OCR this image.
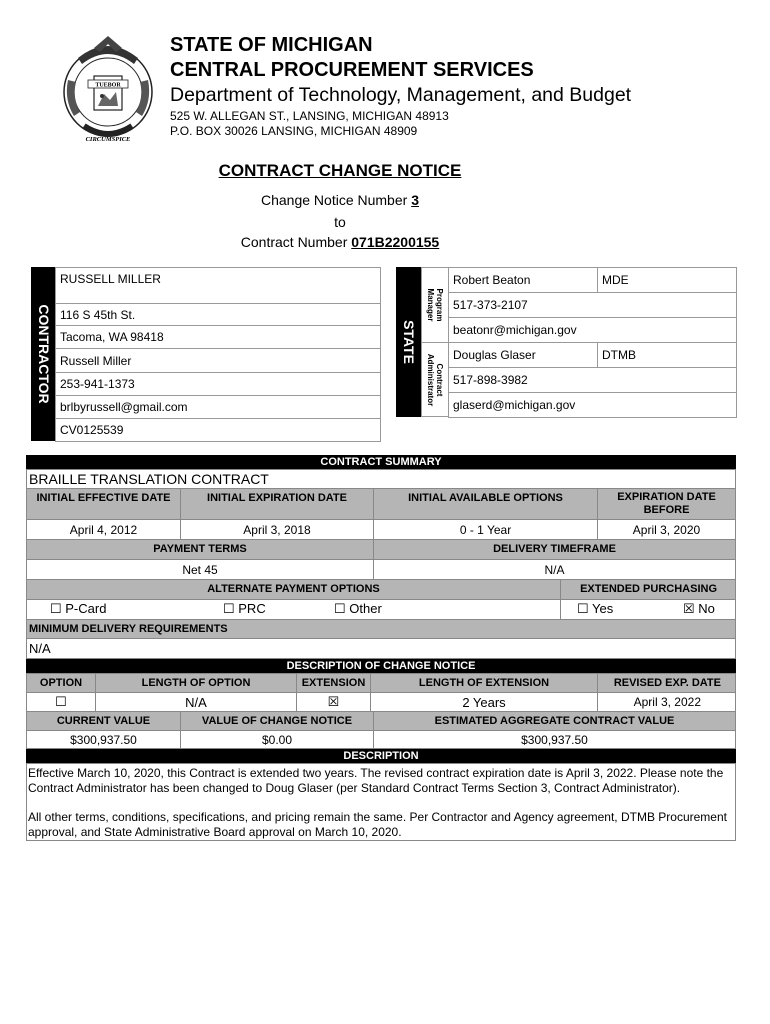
TUEBOR
CIRCUMSPICE
STATE OF MICHIGAN
CENTRAL PROCUREMENT SERVICES
Department of Technology, Management, and Budget
525 W. ALLEGAN ST., LANSING, MICHIGAN 48913
P.O. BOX 30026 LANSING, MICHIGAN 48909
CONTRACT CHANGE NOTICE
Change Notice Number 3
to
Contract Number 071B2200155
CONTRACTOR
RUSSELL MILLER
116 S 45th St.
Tacoma, WA 98418
Russell Miller
253-941-1373
brlbyrussell@gmail.com
CV0125539
STATE
Program
Manager
Contract
Administrator
Robert Beaton	MDE
517-373-2107
beatonr@michigan.gov
Douglas Glaser	DTMB
517-898-3982
glaserd@michigan.gov
CONTRACT SUMMARY
BRAILLE TRANSLATION CONTRACT
INITIAL EFFECTIVE DATE	INITIAL EXPIRATION DATE	INITIAL AVAILABLE OPTIONS	EXPIRATION DATE BEFORE
April 4, 2012	April 3, 2018	0 - 1 Year	April 3, 2020
PAYMENT TERMS	DELIVERY TIMEFRAME
Net 45	N/A
ALTERNATE PAYMENT OPTIONS	EXTENDED PURCHASING
☐ P-Card	☐ PRC	☐ Other	☐ Yes	☒ No
MINIMUM DELIVERY REQUIREMENTS
N/A
DESCRIPTION OF CHANGE NOTICE
OPTION	LENGTH OF OPTION	EXTENSION	LENGTH OF EXTENSION	REVISED EXP. DATE
☐	N/A	☒	2 Years	April 3, 2022
CURRENT VALUE	VALUE OF CHANGE NOTICE	ESTIMATED AGGREGATE CONTRACT VALUE
$300,937.50	$0.00	$300,937.50
DESCRIPTION
Effective March 10, 2020, this Contract is extended two years. The revised contract expiration date is April 3, 2022. Please note the Contract Administrator has been changed to Doug Glaser (per Standard Contract Terms Section 3, Contract Administrator).
All other terms, conditions, specifications, and pricing remain the same. Per Contractor and Agency agreement, DTMB Procurement approval, and State Administrative Board approval on March 10, 2020.
